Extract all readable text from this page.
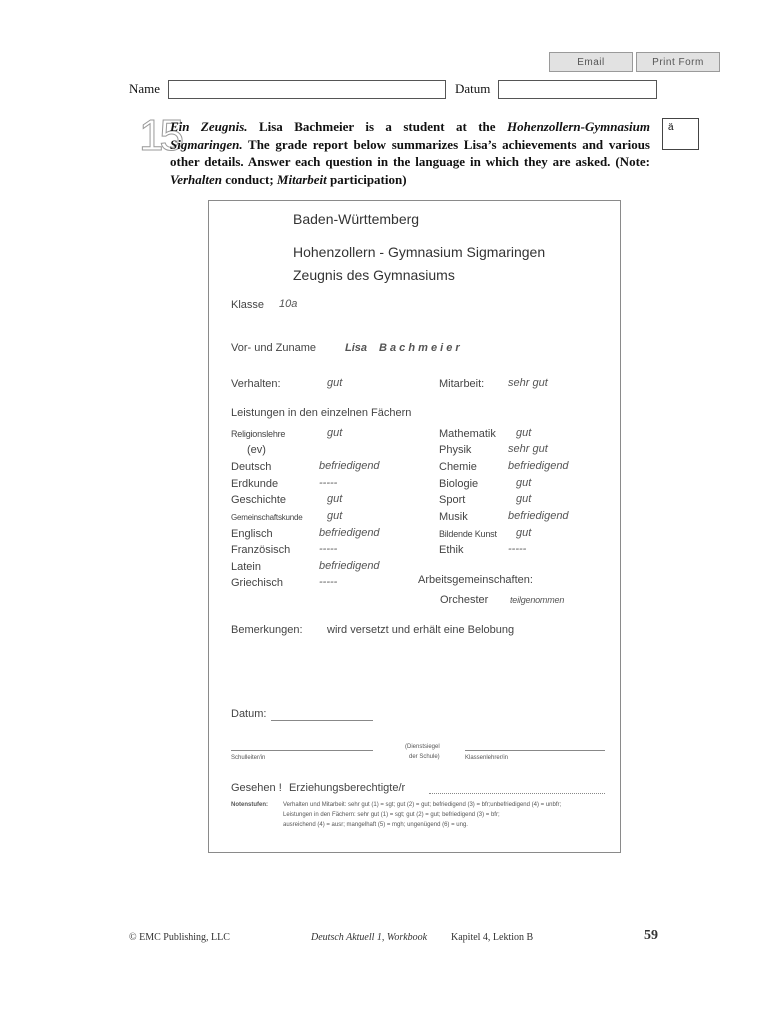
Email	Print Form
Name	Datum
15
Ein Zeugnis. Lisa Bachmeier is a student at the Hohenzollern-Gymnasium Sigmaringen. The grade report below summarizes Lisa’s achievements and various other details. Answer each question in the language in which they are asked. (Note: Verhalten conduct; Mitarbeit participation)
ä
Baden-Württemberg
Hohenzollern - Gymnasium Sigmaringen
Zeugnis des Gymnasiums
Klasse 10a
Vor- und Zuname	Lisa B a c h m e i e r
Verhalten:	gut	Mitarbeit: sehr gut
Leistungen in den einzelnen Fächern
Religionslehre	gut
(ev)
Deutsch	befriedigend
Erdkunde	-----
Geschichte	gut
Gemeinschaftskunde gut
Englisch	befriedigend
Französisch	-----
Latein	befriedigend
Griechisch	-----
Mathematik gut
Physik	sehr gut
Chemie	befriedigend
Biologie	gut
Sport	gut
Musik	befriedigend
Bildende Kunst gut
Ethik	-----
Arbeitsgemeinschaften:
Orchester teilgenommen
Bemerkungen: wird versetzt und erhält eine Belobung
Datum:
Schulleiter/in
(Dienstsiegel
der Schule)	Klassenlehrer/in
Gesehen ! Erziehungsberechtigte/r
Notenstufen:	Verhalten und Mitarbeit: sehr gut (1) = sgt; gut (2) = gut; befriedigend (3) = bfr;unbefriedigend (4) = unbfr;
Leistungen in den Fächern: sehr gut (1) = sgt; gut (2) = gut; befriedigend (3) = bfr;
ausreichend (4) = ausr; mangelhaft (5) = mgh; ungenügend (6) = ung.
© EMC Publishing, LLC	Deutsch Aktuell 1, Workbook Kapitel 4, Lektion B	59
